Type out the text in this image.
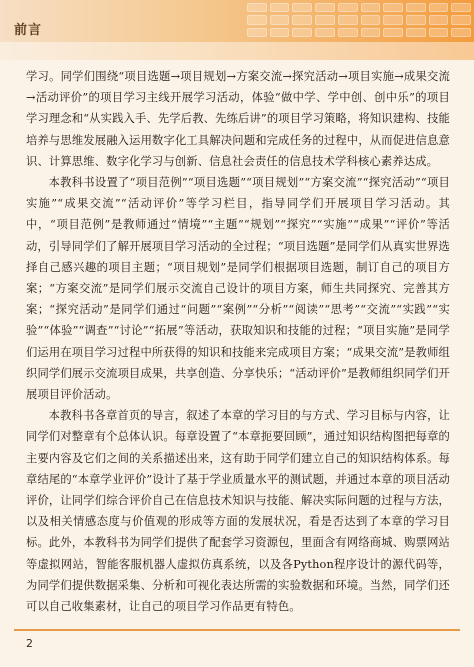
前言

学习。同学们围绕“项目选题→项目规划→方案交流→探究活动→项目实施→成果交流→活动评价”的项目学习主线开展学习活动，体验“做中学、学中创、创中乐”的项目学习理念和“从实践入手、先学后教、先练后讲”的项目学习策略，将知识建构、技能培养与思维发展融入运用数字化工具解决问题和完成任务的过程中，从而促进信息意识、计算思维、数字化学习与创新、信息社会责任的信息技术学科核心素养达成。

本教科书设置了“项目范例”“项目选题”“项目规划”“方案交流”“探究活动”“项目实施”“成果交流”“活动评价”等学习栏目，指导同学们开展项目学习活动。其中，“项目范例”是教师通过“情境”“主题”“规划”“探究”“实施”“成果”“评价”等活动，引导同学们了解开展项目学习活动的全过程；“项目选题”是同学们从真实世界选择自己感兴趣的项目主题；“项目规划”是同学们根据项目选题，制订自己的项目方案；“方案交流”是同学们展示交流自己设计的项目方案，师生共同探究、完善其方案；“探究活动”是同学们通过“问题”“案例”“分析”“阅读”“思考”“交流”“实践”“实验”“体验”“调查”“讨论”“拓展”等活动，获取知识和技能的过程；“项目实施”是同学们运用在项目学习过程中所获得的知识和技能来完成项目方案；“成果交流”是教师组织同学们展示交流项目成果，共享创造、分享快乐；“活动评价”是教师组织同学们开展项目评价活动。

本教科书各章首页的导言，叙述了本章的学习目的与方式、学习目标与内容，让同学们对整章有个总体认识。每章设置了“本章扼要回顾”，通过知识结构图把每章的主要内容及它们之间的关系描述出来，这有助于同学们建立自己的知识结构体系。每章结尾的“本章学业评价”设计了基于学业质量水平的测试题，并通过本章的项目活动评价，让同学们综合评价自己在信息技术知识与技能、解决实际问题的过程与方法，以及相关情感态度与价值观的形成等方面的发展状况，看是否达到了本章的学习目标。此外，本教科书为同学们提供了配套学习资源包，里面含有网络商城、购票网站等虚拟网站，智能客服机器人虚拟仿真系统，以及各Python程序设计的源代码等，为同学们提供数据采集、分析和可视化表达所需的实验数据和环境。当然，同学们还可以自己收集素材，让自己的项目学习作品更有特色。

2
